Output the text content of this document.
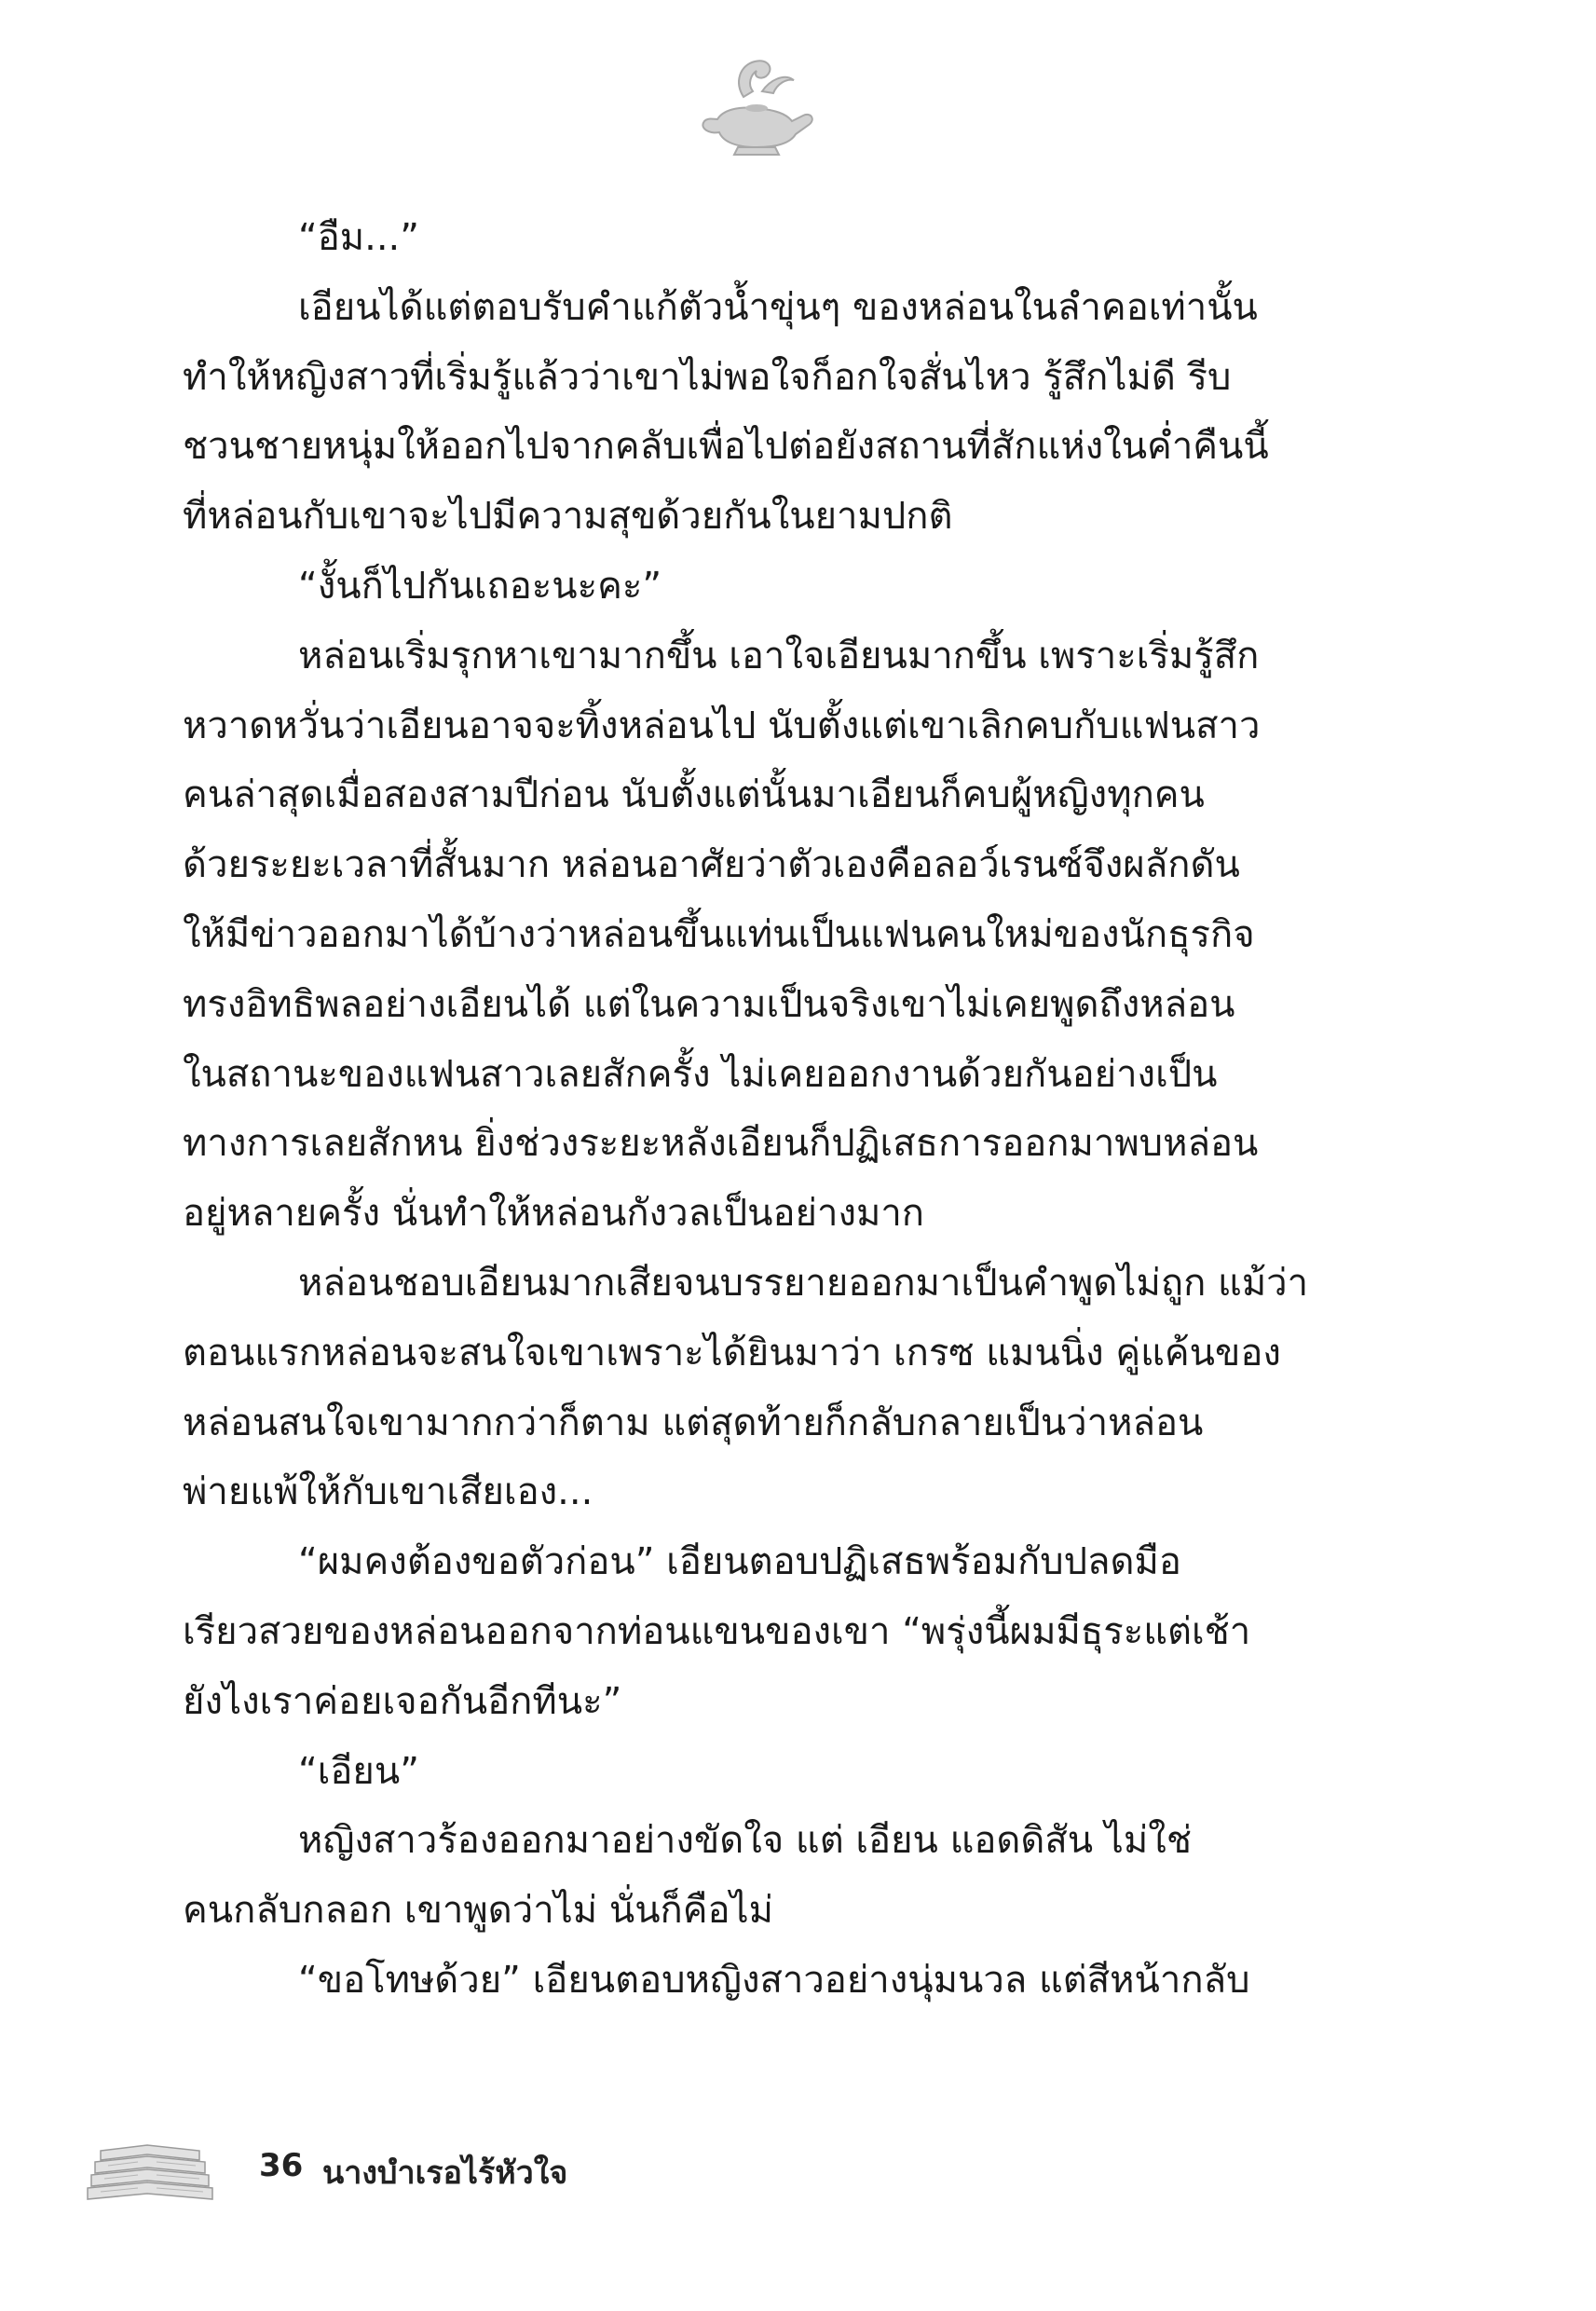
“อืม...”
เอียนได้แต่ตอบรับคำแก้ตัวน้ำขุ่นๆ ของหล่อนในลำคอเท่านั้น
ทำให้หญิงสาวที่เริ่มรู้แล้วว่าเขาไม่พอใจก็อกใจสั่นไหว รู้สึกไม่ดี รีบ
ชวนชายหนุ่มให้ออกไปจากคลับเพื่อไปต่อยังสถานที่สักแห่งในค่ำคืนนี้
ที่หล่อนกับเขาจะไปมีความสุขด้วยกันในยามปกติ
“งั้นก็ไปกันเถอะนะคะ”
หล่อนเริ่มรุกหาเขามากขึ้น เอาใจเอียนมากขึ้น เพราะเริ่มรู้สึก
หวาดหวั่นว่าเอียนอาจจะทิ้งหล่อนไป นับตั้งแต่เขาเลิกคบกับแฟนสาว
คนล่าสุดเมื่อสองสามปีก่อน นับตั้งแต่นั้นมาเอียนก็คบผู้หญิงทุกคน
ด้วยระยะเวลาที่สั้นมาก หล่อนอาศัยว่าตัวเองคือลอว์เรนซ์จึงผลักดัน
ให้มีข่าวออกมาได้บ้างว่าหล่อนขึ้นแท่นเป็นแฟนคนใหม่ของนักธุรกิจ
ทรงอิทธิพลอย่างเอียนได้ แต่ในความเป็นจริงเขาไม่เคยพูดถึงหล่อน
ในสถานะของแฟนสาวเลยสักครั้ง ไม่เคยออกงานด้วยกันอย่างเป็น
ทางการเลยสักหน ยิ่งช่วงระยะหลังเอียนก็ปฏิเสธการออกมาพบหล่อน
อยู่หลายครั้ง นั่นทำให้หล่อนกังวลเป็นอย่างมาก
หล่อนชอบเอียนมากเสียจนบรรยายออกมาเป็นคำพูดไม่ถูก แม้ว่า
ตอนแรกหล่อนจะสนใจเขาเพราะได้ยินมาว่า เกรซ แมนนิ่ง คู่แค้นของ
หล่อนสนใจเขามากกว่าก็ตาม แต่สุดท้ายก็กลับกลายเป็นว่าหล่อน
พ่ายแพ้ให้กับเขาเสียเอง...
“ผมคงต้องขอตัวก่อน” เอียนตอบปฏิเสธพร้อมกับปลดมือ
เรียวสวยของหล่อนออกจากท่อนแขนของเขา “พรุ่งนี้ผมมีธุระแต่เช้า
ยังไงเราค่อยเจอกันอีกทีนะ”
“เอียน”
หญิงสาวร้องออกมาอย่างขัดใจ แต่ เอียน แอดดิสัน ไม่ใช่
คนกลับกลอก เขาพูดว่าไม่ นั่นก็คือไม่
“ขอโทษด้วย” เอียนตอบหญิงสาวอย่างนุ่มนวล แต่สีหน้ากลับ
36 นางบำเรอไร้หัวใจ
